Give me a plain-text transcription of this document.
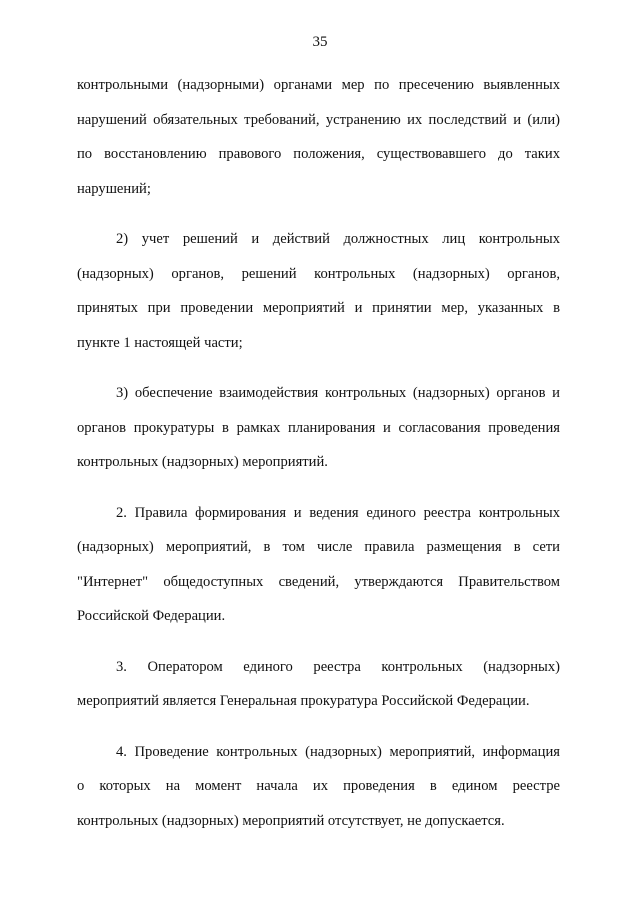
35

контрольными (надзорными) органами мер по пресечению выявленных
нарушений обязательных требований, устранению их последствий и (или)
по восстановлению правового положения, существовавшего до таких
нарушений;

2) учет решений и действий должностных лиц контрольных
(надзорных) органов, решений контрольных (надзорных) органов,
принятых при проведении мероприятий и принятии мер, указанных в
пункте 1 настоящей части;

3) обеспечение взаимодействия контрольных (надзорных) органов и
органов прокуратуры в рамках планирования и согласования проведения
контрольных (надзорных) мероприятий.

2. Правила формирования и ведения единого реестра контрольных
(надзорных) мероприятий, в том числе правила размещения в сети
"Интернет" общедоступных сведений, утверждаются Правительством
Российской Федерации.

3. Оператором единого реестра контрольных (надзорных)
мероприятий является Генеральная прокуратура Российской Федерации.

4. Проведение контрольных (надзорных) мероприятий, информация
о которых на момент начала их проведения в едином реестре
контрольных (надзорных) мероприятий отсутствует, не допускается.
